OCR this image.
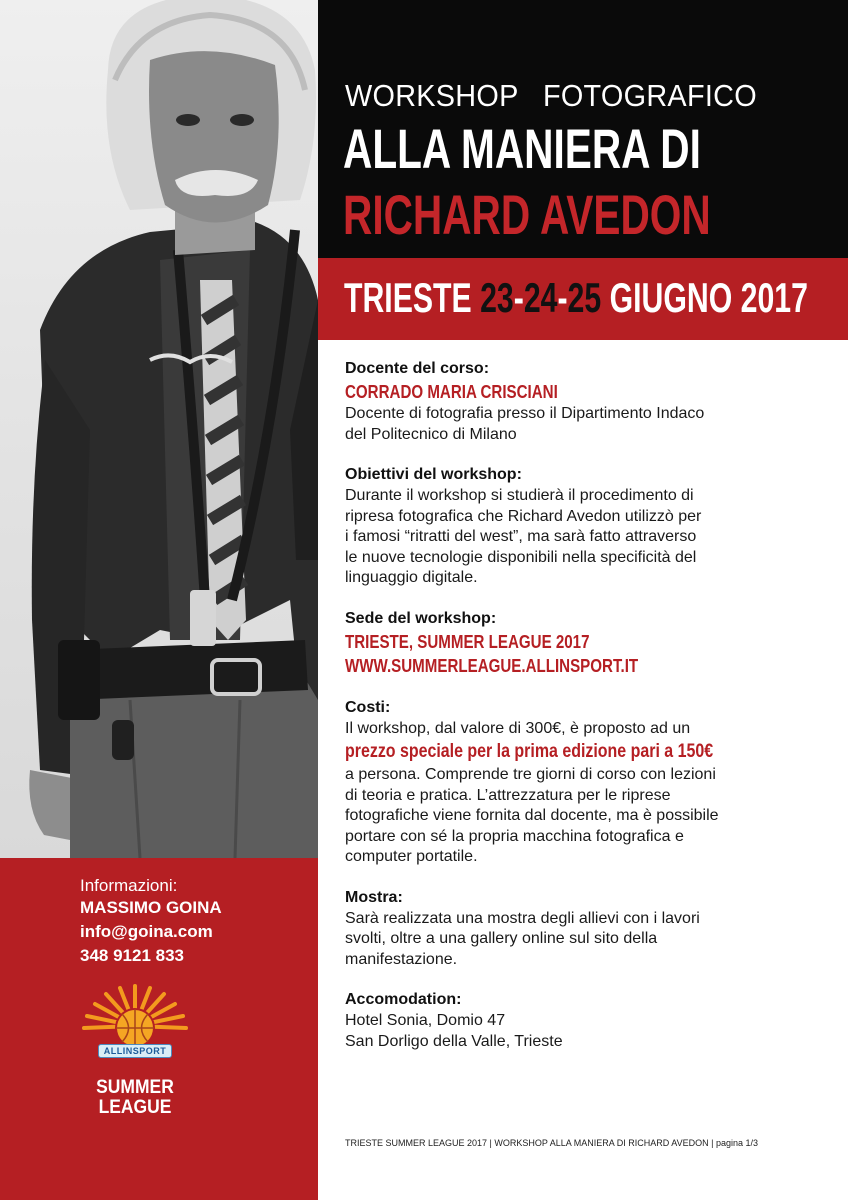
Informazioni:
MASSIMO GOINA
info@goina.com
348 9121 833
ALLINSPORT
SUMMER
LEAGUE
WORKSHOP   FOTOGRAFICO
ALLA MANIERA DI
RICHARD AVEDON
TRIESTE 23-24-25 GIUGNO 2017
Docente del corso:
CORRADO MARIA CRISCIANI
Docente di fotografia presso il Dipartimento Indaco
del Politecnico di Milano
Obiettivi del workshop:
Durante il workshop si studierà il procedimento di
ripresa fotografica che Richard Avedon utilizzò per
i famosi “ritratti del west”, ma sarà fatto attraverso
le nuove tecnologie disponibili nella specificità del
linguaggio digitale.
Sede del workshop:
TRIESTE, SUMMER LEAGUE 2017
WWW.SUMMERLEAGUE.ALLINSPORT.IT
Costi:
Il workshop, dal valore di 300€, è proposto ad un
prezzo speciale per la prima edizione pari a 150€
a persona. Comprende tre giorni di corso con lezioni
di teoria e pratica. L’attrezzatura per le riprese
fotografiche viene fornita dal docente, ma è possibile
portare con sé la propria macchina fotografica e
computer portatile.
Mostra:
Sarà realizzata una mostra degli allievi con i lavori
svolti, oltre a una gallery online sul sito della
manifestazione.
Accomodation:
Hotel Sonia, Domio 47
San Dorligo della Valle, Trieste
TRIESTE SUMMER LEAGUE 2017 | WORKSHOP ALLA MANIERA DI RICHARD AVEDON | pagina 1/3
